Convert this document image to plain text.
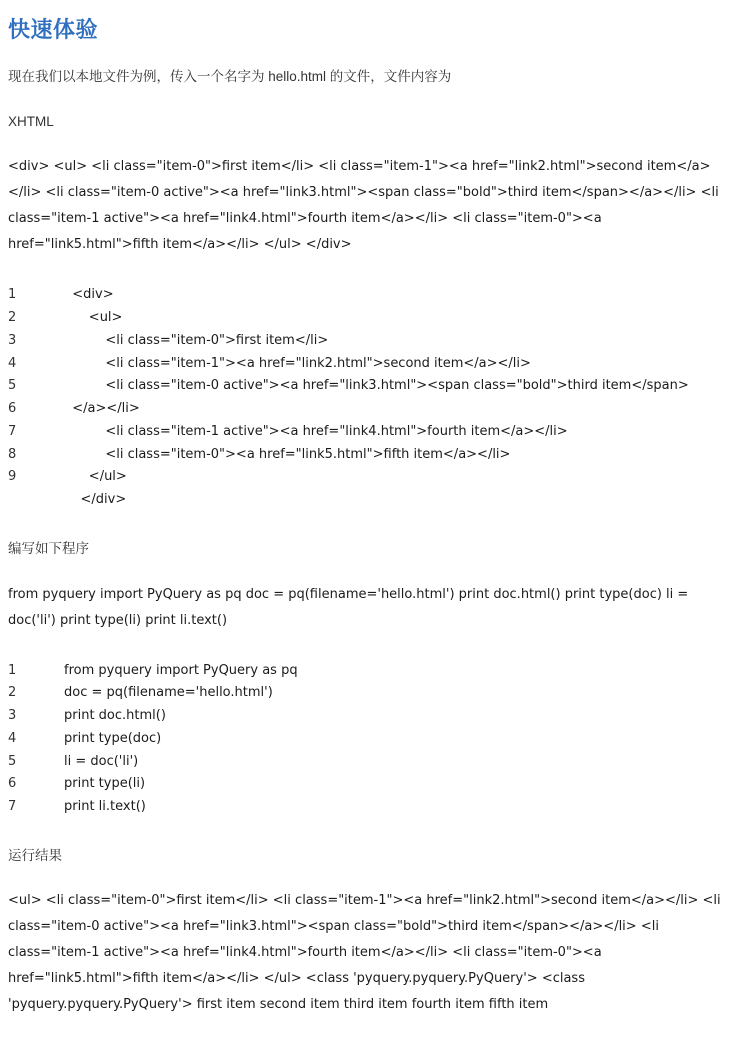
快速体验

现在我们以本地文件为例，传入一个名字为 hello.html 的文件，文件内容为

XHTML

<div> <ul> <li class="item-0">first item</li> <li class="item-1"><a href="link2.html">second item</a></li> <li class="item-0 active"><a href="link3.html"><span class="bold">third item</span></a></li> <li class="item-1 active"><a href="link4.html">fourth item</a></li> <li class="item-0"><a href="link5.html">fifth item</a></li> </ul> </div>
1	<div>
2	<ul>
3	<li class="item-0">first item</li>
4	<li class="item-1"><a href="link2.html">second item</a></li>
5	<li class="item-0 active"><a href="link3.html"><span class="bold">third item</span>
6	</a></li>
7	<li class="item-1 active"><a href="link4.html">fourth item</a></li>
8	<li class="item-0"><a href="link5.html">fifth item</a></li>
9	</ul>
</div>

编写如下程序

from pyquery import PyQuery as pq doc = pq(filename='hello.html') print doc.html() print type(doc) li = doc('li') print type(li) print li.text()
1	from pyquery import PyQuery as pq
2	doc = pq(filename='hello.html')
3	print doc.html()
4	print type(doc)
5	li = doc('li')
6	print type(li)
7	print li.text()

运行结果

<ul> <li class="item-0">first item</li> <li class="item-1"><a href="link2.html">second item</a></li> <li class="item-0 active"><a href="link3.html"><span class="bold">third item</span></a></li> <li class="item-1 active"><a href="link4.html">fourth item</a></li> <li class="item-0"><a href="link5.html">fifth item</a></li> </ul> <class 'pyquery.pyquery.PyQuery'> <class 'pyquery.pyquery.PyQuery'> first item second item third item fourth item fifth item
